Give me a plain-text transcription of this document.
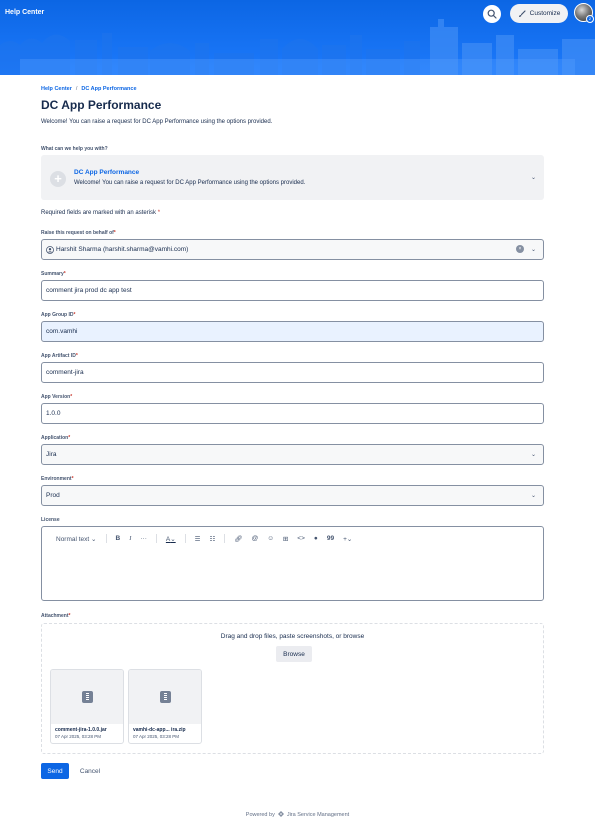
Help Center	Customize
2
Help Center / DC App Performance
DC App Performance
Welcome! You can raise a request for DC App Performance using the options provided.
What can we help you with?
+	DC App Performance
Welcome! You can raise a request for DC App Performance using the options provided.
⌄
Required fields are marked with an asterisk *
Raise this request on behalf of*
Harshit Sharma (harshit.sharma@vamhi.com)	×	⌄
Summary*
comment jira prod dc app test
App Group ID*
com.vamhi
App Artifact ID*
comment-jira
App Version*
1.0.0
Application*
Jira	⌄
Environment*
Prod	⌄
License
Normal text ⌄	B I ···	A⌄	☰ ☷	🔗︎ @ ☺ ⊞ <> ● 99 +⌄
Attachment*
Drag and drop files, paste screenshots, or browse
Browse
comment-jira-1.0.0.jar
07 Apr 2025, 03:28 PM
vamhi-dc-app... ira.zip
07 Apr 2025, 03:28 PM
Send	Cancel
Powered by Jira Service Management
